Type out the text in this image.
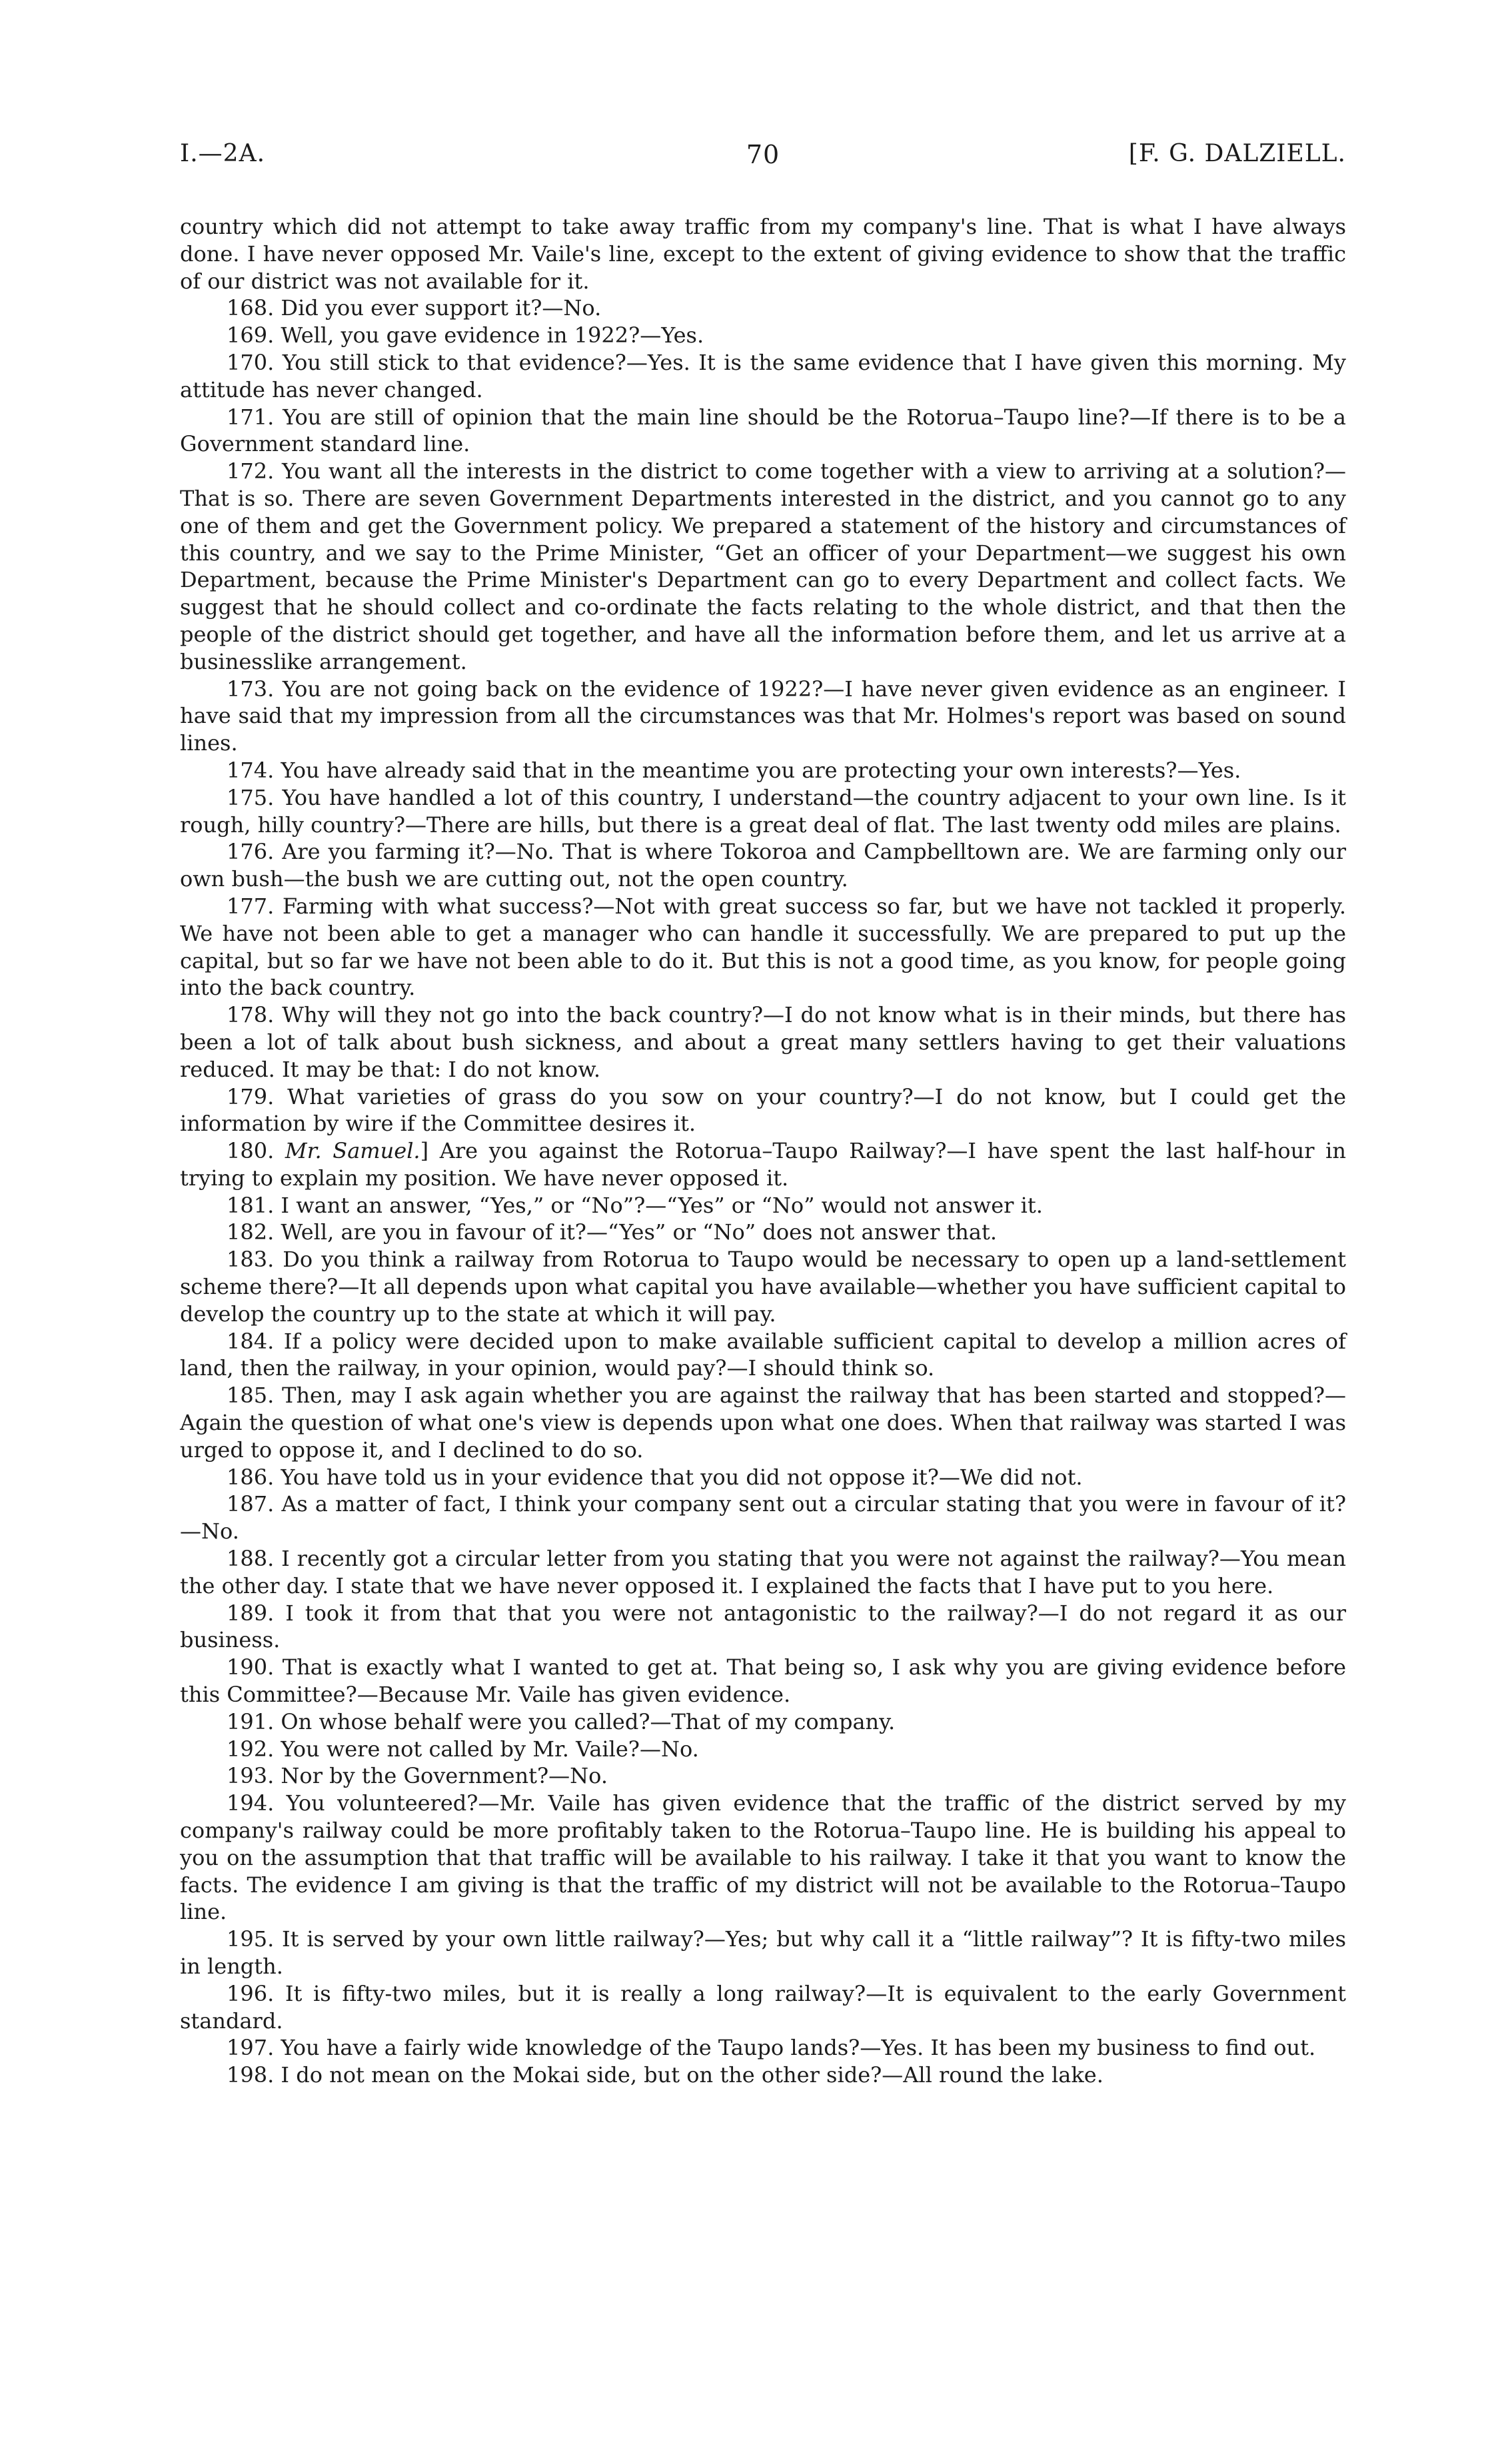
I.—2A.	70	[F. G. DALZIELL.

country which did not attempt to take away traffic from my company's line. That is what I have always done. I have never opposed Mr. Vaile's line, except to the extent of giving evidence to show that the traffic of our district was not available for it.

168. Did you ever support it?—No.

169. Well, you gave evidence in 1922?—Yes.

170. You still stick to that evidence?—Yes. It is the same evidence that I have given this morning. My attitude has never changed.

171. You are still of opinion that the main line should be the Rotorua–Taupo line?—If there is to be a Government standard line.

172. You want all the interests in the district to come together with a view to arriving at a solution?—That is so. There are seven Government Departments interested in the district, and you cannot go to any one of them and get the Government policy. We prepared a statement of the history and circumstances of this country, and we say to the Prime Minister, “Get an officer of your Department—we suggest his own Department, because the Prime Minister's Department can go to every Department and collect facts. We suggest that he should collect and co-ordinate the facts relating to the whole district, and that then the people of the district should get together, and have all the information before them, and let us arrive at a businesslike arrangement.

173. You are not going back on the evidence of 1922?—I have never given evidence as an engineer. I have said that my impression from all the circumstances was that Mr. Holmes's report was based on sound lines.

174. You have already said that in the meantime you are protecting your own interests?—Yes.

175. You have handled a lot of this country, I understand—the country adjacent to your own line. Is it rough, hilly country?—There are hills, but there is a great deal of flat. The last twenty odd miles are plains.

176. Are you farming it?—No. That is where Tokoroa and Campbelltown are. We are farming only our own bush—the bush we are cutting out, not the open country.

177. Farming with what success?—Not with great success so far, but we have not tackled it properly. We have not been able to get a manager who can handle it successfully. We are prepared to put up the capital, but so far we have not been able to do it. But this is not a good time, as you know, for people going into the back country.

178. Why will they not go into the back country?—I do not know what is in their minds, but there has been a lot of talk about bush sickness, and about a great many settlers having to get their valuations reduced. It may be that: I do not know.

179. What varieties of grass do you sow on your country?—I do not know, but I could get the information by wire if the Committee desires it.

180. Mr. Samuel.] Are you against the Rotorua–Taupo Railway?—I have spent the last half-hour in trying to explain my position. We have never opposed it.

181. I want an answer, “Yes,” or “No”?—“Yes” or “No” would not answer it.

182. Well, are you in favour of it?—“Yes” or “No” does not answer that.

183. Do you think a railway from Rotorua to Taupo would be necessary to open up a land-settlement scheme there?—It all depends upon what capital you have available—whether you have sufficient capital to develop the country up to the state at which it will pay.

184. If a policy were decided upon to make available sufficient capital to develop a million acres of land, then the railway, in your opinion, would pay?—I should think so.

185. Then, may I ask again whether you are against the railway that has been started and stopped?—Again the question of what one's view is depends upon what one does. When that railway was started I was urged to oppose it, and I declined to do so.

186. You have told us in your evidence that you did not oppose it?—We did not.

187. As a matter of fact, I think your company sent out a circular stating that you were in favour of it?—No.

188. I recently got a circular letter from you stating that you were not against the railway?—You mean the other day. I state that we have never opposed it. I explained the facts that I have put to you here.

189. I took it from that that you were not antagonistic to the railway?—I do not regard it as our business.

190. That is exactly what I wanted to get at. That being so, I ask why you are giving evidence before this Committee?—Because Mr. Vaile has given evidence.

191. On whose behalf were you called?—That of my company.

192. You were not called by Mr. Vaile?—No.

193. Nor by the Government?—No.

194. You volunteered?—Mr. Vaile has given evidence that the traffic of the district served by my company's railway could be more profitably taken to the Rotorua–Taupo line. He is building his appeal to you on the assumption that that traffic will be available to his railway. I take it that you want to know the facts. The evidence I am giving is that the traffic of my district will not be available to the Rotorua–Taupo line.

195. It is served by your own little railway?—Yes; but why call it a “little railway”? It is fifty-two miles in length.

196. It is fifty-two miles, but it is really a long railway?—It is equivalent to the early Government standard.

197. You have a fairly wide knowledge of the Taupo lands?—Yes. It has been my business to find out.

198. I do not mean on the Mokai side, but on the other side?—All round the lake.
